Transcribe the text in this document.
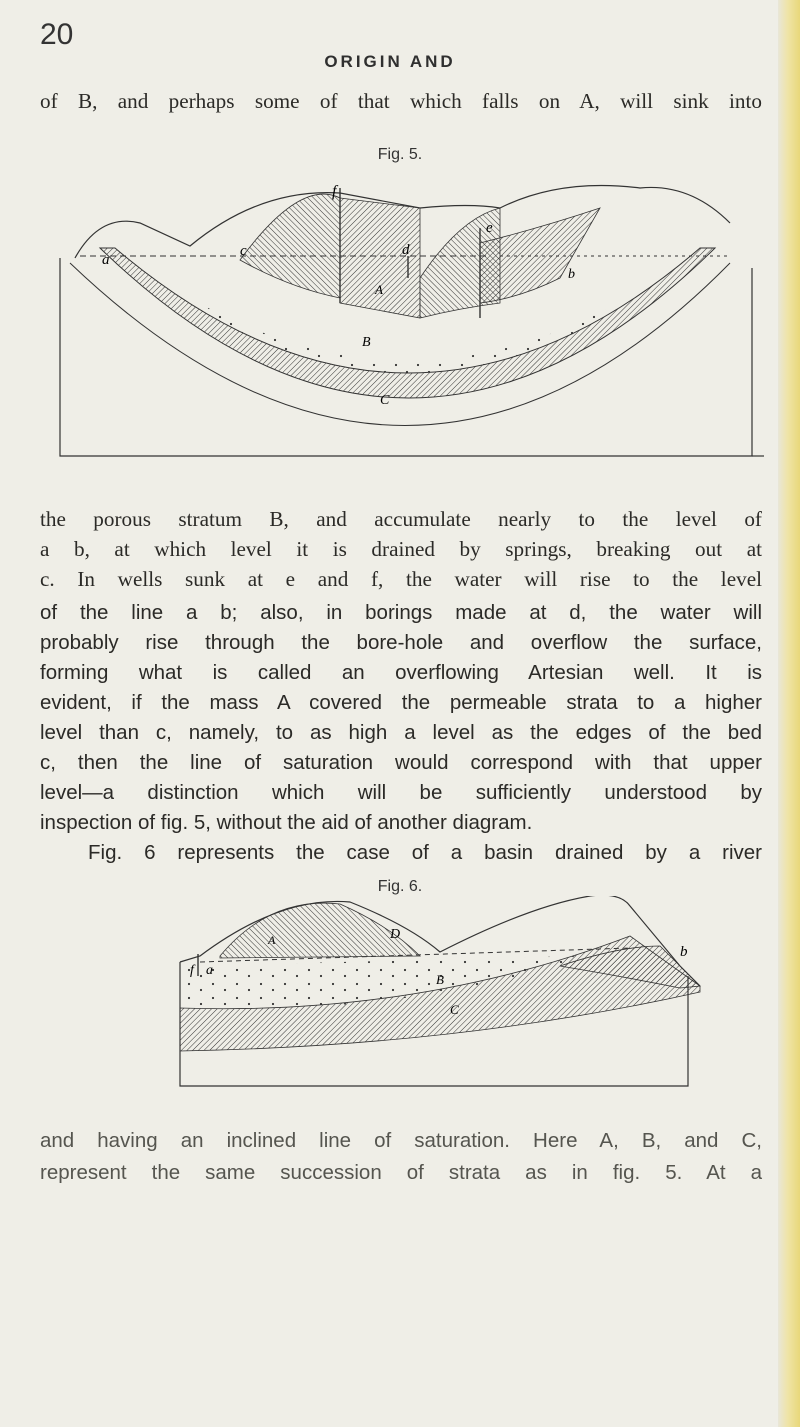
20
ORIGIN AND
of B, and perhaps some of that which falls on A, will sink into
Fig. 5.
f
e
c
a
d
A
b
B
C
the porous stratum B, and accumulate nearly to the level of
a b, at which level it is drained by springs, breaking out at
c. In wells sunk at e and f, the water will rise to the level
of the line a b; also, in borings made at d, the water will
probably rise through the bore-hole and overflow the surface,
forming what is called an overflowing Artesian well. It is
evident, if the mass A covered the permeable strata to a higher
level than c, namely, to as high a level as the edges of the bed
c, then the line of saturation would correspond with that upper
level—a distinction which will be sufficiently understood by
inspection of fig. 5, without the aid of another diagram.
Fig. 6 represents the case of a basin drained by a river
Fig. 6.
D
b
A
f a
B
C
and having an inclined line of saturation. Here A, B, and C,
represent the same succession of strata as in fig. 5. At a
